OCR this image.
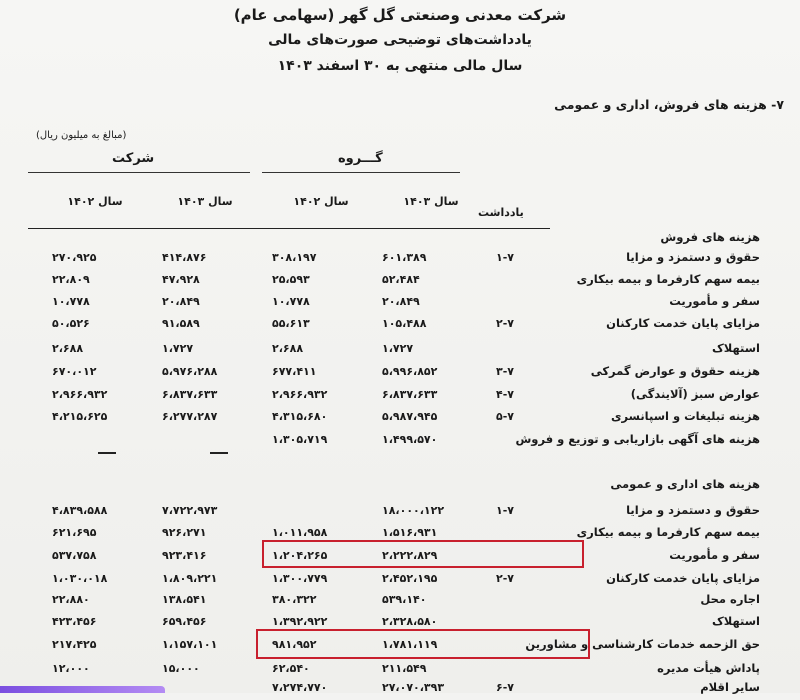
شرکت معدنی وصنعتی گل گهر (سهامی عام)
یادداشت‌های توضیحی صورت‌های مالی
سال مالی منتهی به ۳۰ اسفند ۱۴۰۳
۷- هزینه های فروش، اداری و عمومی
(مبالغ به میلیون ریال)
گـــروه
شرکت
سال ۱۴۰۳
سال ۱۴۰۲
سال ۱۴۰۳
سال ۱۴۰۲
یادداشت
هزینه های فروش
حقوق و دستمزد و مزایا
۱-۷
۶۰۱،۳۸۹
۳۰۸،۱۹۷
۴۱۴،۸۷۶
۲۷۰،۹۲۵
بیمه سهم کارفرما و بیمه بیکاری
۵۲،۴۸۴
۲۵،۵۹۳
۴۷،۹۲۸
۲۲،۸۰۹
سفر و مأموریت
۲۰،۸۴۹
۱۰،۷۷۸
۲۰،۸۴۹
۱۰،۷۷۸
مزایای پایان خدمت کارکنان
۲-۷
۱۰۵،۴۸۸
۵۵،۶۱۳
۹۱،۵۸۹
۵۰،۵۲۶
استهلاک
۱،۷۲۷
۲،۶۸۸
۱،۷۲۷
۲،۶۸۸
هزینه حقوق و عوارض گمرکی
۳-۷
۵،۹۹۶،۸۵۲
۶۷۷،۴۱۱
۵،۹۷۶،۲۸۸
۶۷۰،۰۱۲
عوارض سبز (آلایندگی)
۴-۷
۶،۸۳۷،۶۳۳
۲،۹۶۶،۹۳۲
۶،۸۳۷،۶۳۳
۲،۹۶۶،۹۳۲
هزینه تبلیغات و اسپانسری
۵-۷
۵،۹۸۷،۹۴۵
۴،۳۱۵،۶۸۰
۶،۲۷۷،۲۸۷
۴،۲۱۵،۶۲۵
هزینه های آگهی بازاریابی و توزیع و فروش
۱،۴۹۹،۵۷۰
۱،۳۰۵،۷۱۹
هزینه های اداری و عمومی
حقوق و دستمزد و مزایا
۱-۷
۱۸،۰۰۰،۱۲۲
۷،۷۲۲،۹۷۳
۴،۸۳۹،۵۸۸
بیمه سهم کارفرما و بیمه بیکاری
۱،۵۱۶،۹۳۱
۱،۰۱۱،۹۵۸
۹۲۶،۲۷۱
۶۲۱،۶۹۵
سفر و مأموریت
۲،۲۲۲،۸۲۹
۱،۲۰۴،۲۶۵
۹۲۳،۴۱۶
۵۳۷،۷۵۸
مزایای پایان خدمت کارکنان
۲-۷
۲،۴۵۲،۱۹۵
۱،۳۰۰،۷۷۹
۱،۸۰۹،۲۲۱
۱،۰۳۰،۰۱۸
اجاره محل
۵۳۹،۱۴۰
۳۸۰،۳۲۲
۱۳۸،۵۴۱
۲۲،۸۸۰
استهلاک
۲،۳۲۸،۵۸۰
۱،۳۹۲،۹۲۲
۶۵۹،۴۵۶
۴۲۳،۴۵۶
حق الزحمه خدمات کارشناسی و مشاورین
۱،۷۸۱،۱۱۹
۹۸۱،۹۵۲
۱،۱۵۷،۱۰۱
۲۱۷،۴۲۵
پاداش هیأت مدیره
۲۱۱،۵۴۹
۶۲،۵۴۰
۱۵،۰۰۰
۱۲،۰۰۰
سایر اقلام
۶-۷
۲۷،۰۷۰،۳۹۳
۷،۲۷۴،۷۷۰
